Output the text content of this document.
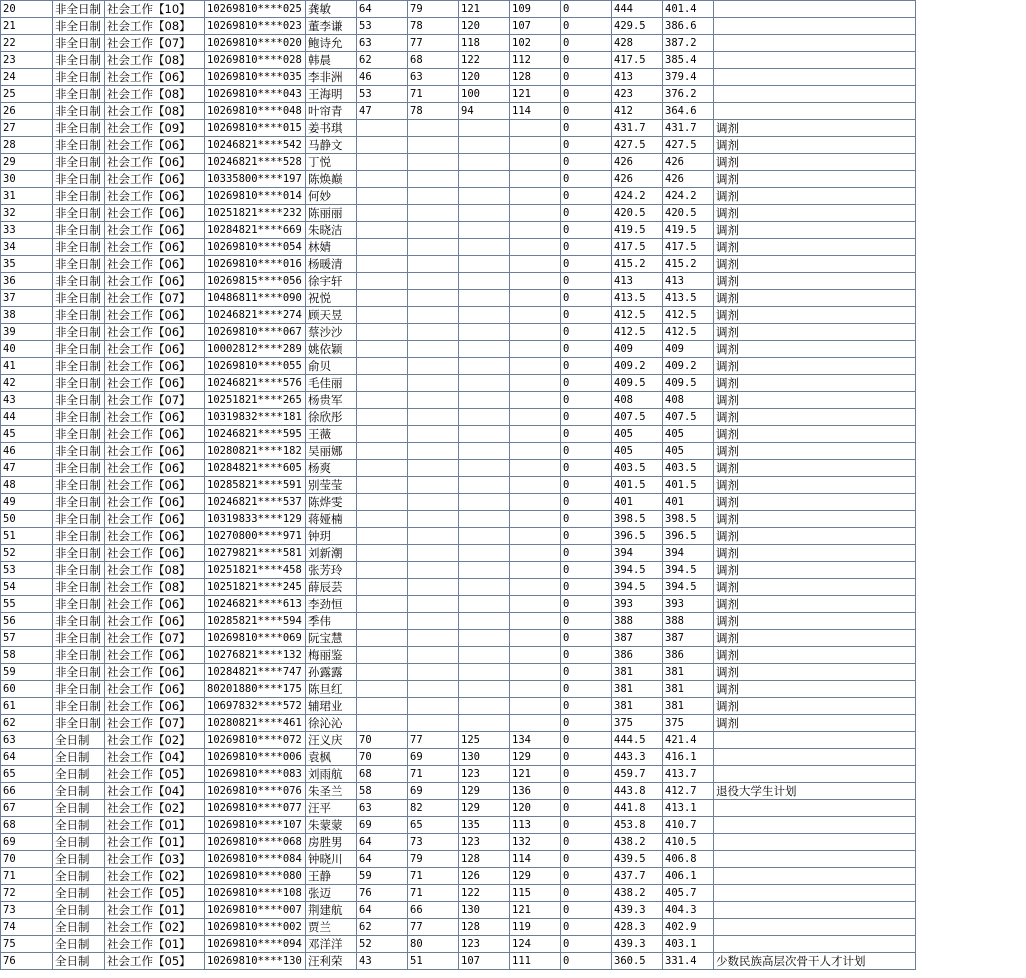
20	非全日制	社会工作【10】	10269810****025	龚敏	64	79	121	109	0	444	401.4	
21	非全日制	社会工作【08】	10269810****023	董李谦	53	78	120	107	0	429.5	386.6	
22	非全日制	社会工作【07】	10269810****020	鲍诗允	63	77	118	102	0	428	387.2	
23	非全日制	社会工作【08】	10269810****028	韩晨	62	68	122	112	0	417.5	385.4	
24	非全日制	社会工作【06】	10269810****035	李非洲	46	63	120	128	0	413	379.4	
25	非全日制	社会工作【08】	10269810****043	王海明	53	71	100	121	0	423	376.2	
26	非全日制	社会工作【08】	10269810****048	叶帘青	47	78	94	114	0	412	364.6	
27	非全日制	社会工作【09】	10269810****015	姜书琪					0	431.7	431.7	调剂
28	非全日制	社会工作【06】	10246821****542	马静文					0	427.5	427.5	调剂
29	非全日制	社会工作【06】	10246821****528	丁悦					0	426	426	调剂
30	非全日制	社会工作【06】	10335800****197	陈焕巅					0	426	426	调剂
31	非全日制	社会工作【06】	10269810****014	何妙					0	424.2	424.2	调剂
32	非全日制	社会工作【06】	10251821****232	陈丽丽					0	420.5	420.5	调剂
33	非全日制	社会工作【06】	10284821****669	朱晓洁					0	419.5	419.5	调剂
34	非全日制	社会工作【06】	10269810****054	林婧					0	417.5	417.5	调剂
35	非全日制	社会工作【06】	10269810****016	杨暖清					0	415.2	415.2	调剂
36	非全日制	社会工作【06】	10269815****056	徐宇轩					0	413	413	调剂
37	非全日制	社会工作【07】	10486811****090	祝悦					0	413.5	413.5	调剂
38	非全日制	社会工作【06】	10246821****274	顾天昱					0	412.5	412.5	调剂
39	非全日制	社会工作【06】	10269810****067	蔡沙沙					0	412.5	412.5	调剂
40	非全日制	社会工作【06】	10002812****289	姚依颖					0	409	409	调剂
41	非全日制	社会工作【06】	10269810****055	俞贝					0	409.2	409.2	调剂
42	非全日制	社会工作【06】	10246821****576	毛佳丽					0	409.5	409.5	调剂
43	非全日制	社会工作【07】	10251821****265	杨贵军					0	408	408	调剂
44	非全日制	社会工作【06】	10319832****181	徐欣彤					0	407.5	407.5	调剂
45	非全日制	社会工作【06】	10246821****595	王薇					0	405	405	调剂
46	非全日制	社会工作【06】	10280821****182	吴丽娜					0	405	405	调剂
47	非全日制	社会工作【06】	10284821****605	杨爽					0	403.5	403.5	调剂
48	非全日制	社会工作【06】	10285821****591	别莹莹					0	401.5	401.5	调剂
49	非全日制	社会工作【06】	10246821****537	陈烨雯					0	401	401	调剂
50	非全日制	社会工作【06】	10319833****129	蒋娅楠					0	398.5	398.5	调剂
51	非全日制	社会工作【06】	10270800****971	钟玥					0	396.5	396.5	调剂
52	非全日制	社会工作【06】	10279821****581	刘新潮					0	394	394	调剂
53	非全日制	社会工作【08】	10251821****458	张芳玲					0	394.5	394.5	调剂
54	非全日制	社会工作【08】	10251821****245	薛辰芸					0	394.5	394.5	调剂
55	非全日制	社会工作【06】	10246821****613	李劲恒					0	393	393	调剂
56	非全日制	社会工作【06】	10285821****594	季伟					0	388	388	调剂
57	非全日制	社会工作【07】	10269810****069	阮宝慧					0	387	387	调剂
58	非全日制	社会工作【06】	10276821****132	梅丽鉴					0	386	386	调剂
59	非全日制	社会工作【06】	10284821****747	孙露露					0	381	381	调剂
60	非全日制	社会工作【06】	80201880****175	陈旦红					0	381	381	调剂
61	非全日制	社会工作【06】	10697832****572	辅珺业					0	381	381	调剂
62	非全日制	社会工作【07】	10280821****461	徐沁沁					0	375	375	调剂
63	全日制	社会工作【02】	10269810****072	汪义庆	70	77	125	134	0	444.5	421.4	
64	全日制	社会工作【04】	10269810****006	袁枫	70	69	130	129	0	443.3	416.1	
65	全日制	社会工作【05】	10269810****083	刘雨航	68	71	123	121	0	459.7	413.7	
66	全日制	社会工作【04】	10269810****076	朱圣兰	58	69	129	136	0	443.8	412.7	退役大学生计划
67	全日制	社会工作【02】	10269810****077	汪平	63	82	129	120	0	441.8	413.1	
68	全日制	社会工作【01】	10269810****107	朱蒙蒙	69	65	135	113	0	453.8	410.7	
69	全日制	社会工作【01】	10269810****068	房胜男	64	73	123	132	0	438.2	410.5	
70	全日制	社会工作【03】	10269810****084	钟晓川	64	79	128	114	0	439.5	406.8	
71	全日制	社会工作【02】	10269810****080	王静	59	71	126	129	0	437.7	406.1	
72	全日制	社会工作【05】	10269810****108	张迈	76	71	122	115	0	438.2	405.7	
73	全日制	社会工作【01】	10269810****007	荆建航	64	66	130	121	0	439.3	404.3	
74	全日制	社会工作【02】	10269810****002	贾兰	62	77	128	119	0	428.3	402.9	
75	全日制	社会工作【01】	10269810****094	邓洋洋	52	80	123	124	0	439.3	403.1	
76	全日制	社会工作【05】	10269810****130	汪利荣	43	51	107	111	0	360.5	331.4	少数民族高层次骨干人才计划
